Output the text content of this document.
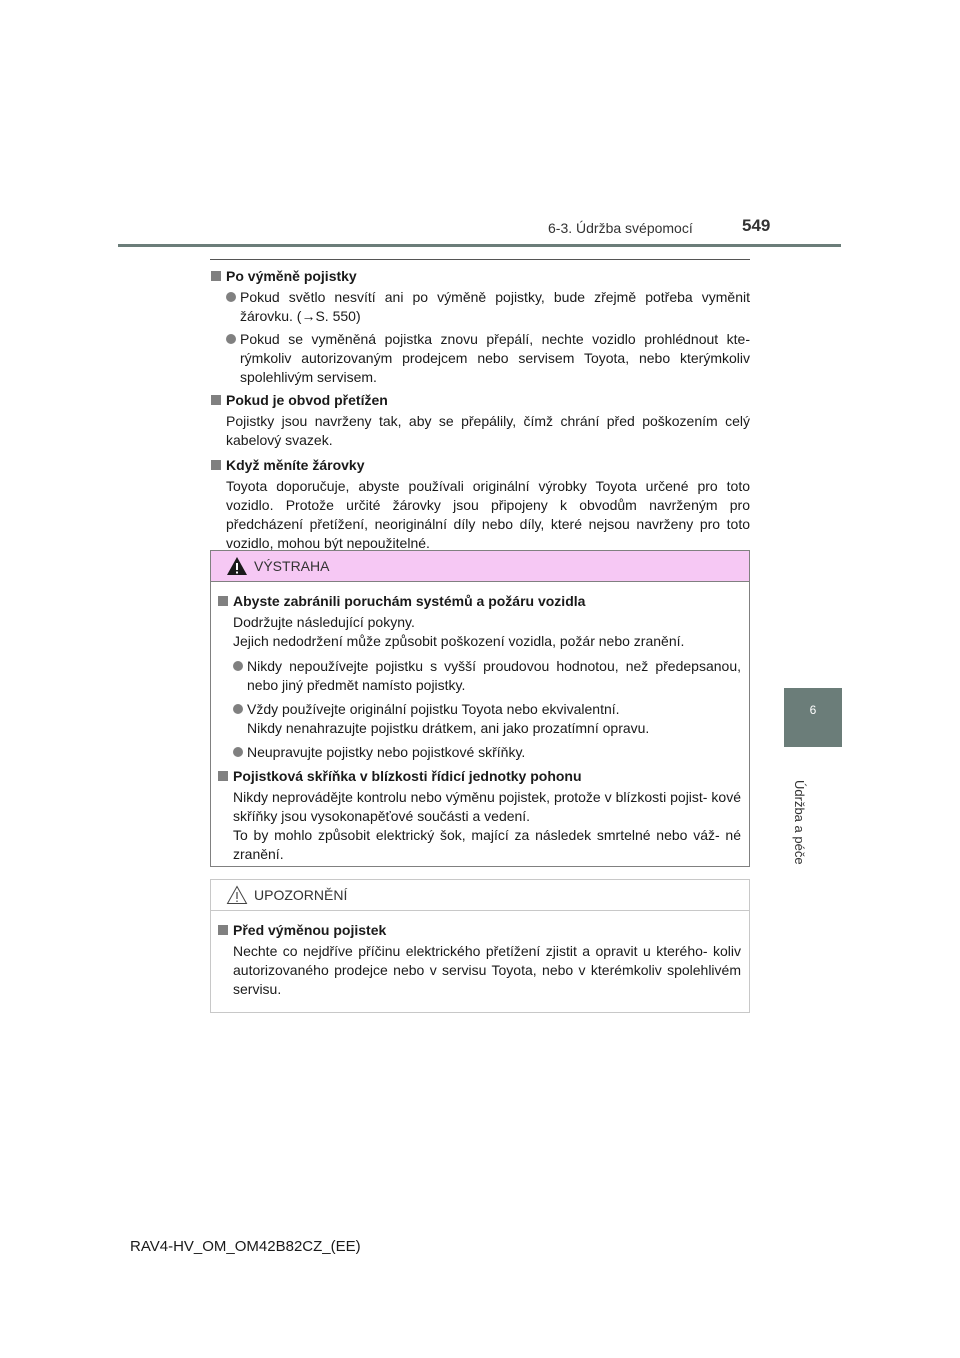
6-3. Údržba svépomocí	549
6
Údržba a péče
Po výměně pojistky
Pokud světlo nesvítí ani po výměně pojistky, bude zřejmě potřeba vyměnit žárovku. (→S. 550)
Pokud se vyměněná pojistka znovu přepálí, nechte vozidlo prohlédnout kte- rýmkoliv autorizovaným prodejcem nebo servisem Toyota, nebo kterýmkoliv spolehlivým servisem.
Pokud je obvod přetížen
Pojistky jsou navrženy tak, aby se přepálily, čímž chrání před poškozením celý kabelový svazek.
Když měníte žárovky
Toyota doporučuje, abyste používali originální výrobky Toyota určené pro toto vozidlo. Protože určité žárovky jsou připojeny k obvodům navrženým pro předcházení přetížení, neoriginální díly nebo díly, které nejsou navrženy pro toto vozidlo, mohou být nepoužitelné.
VÝSTRAHA
Abyste zabránili poruchám systémů a požáru vozidla
Dodržujte následující pokyny.
Jejich nedodržení může způsobit poškození vozidla, požár nebo zranění.
Nikdy nepoužívejte pojistku s vyšší proudovou hodnotou, než předepsanou, nebo jiný předmět namísto pojistky.
Vždy používejte originální pojistku Toyota nebo ekvivalentní.
Nikdy nenahrazujte pojistku drátkem, ani jako prozatímní opravu.
Neupravujte pojistky nebo pojistkové skříňky.
Pojistková skříňka v blízkosti řídicí jednotky pohonu
Nikdy neprovádějte kontrolu nebo výměnu pojistek, protože v blízkosti pojist- kové skříňky jsou vysokonapěťové součásti a vedení.
To by mohlo způsobit elektrický šok, mající za následek smrtelné nebo váž- né zranění.
UPOZORNĚNÍ
Před výměnou pojistek
Nechte co nejdříve příčinu elektrického přetížení zjistit a opravit u kterého- koliv autorizovaného prodejce nebo v servisu Toyota, nebo v kterémkoliv spolehlivém servisu.
RAV4-HV_OM_OM42B82CZ_(EE)
